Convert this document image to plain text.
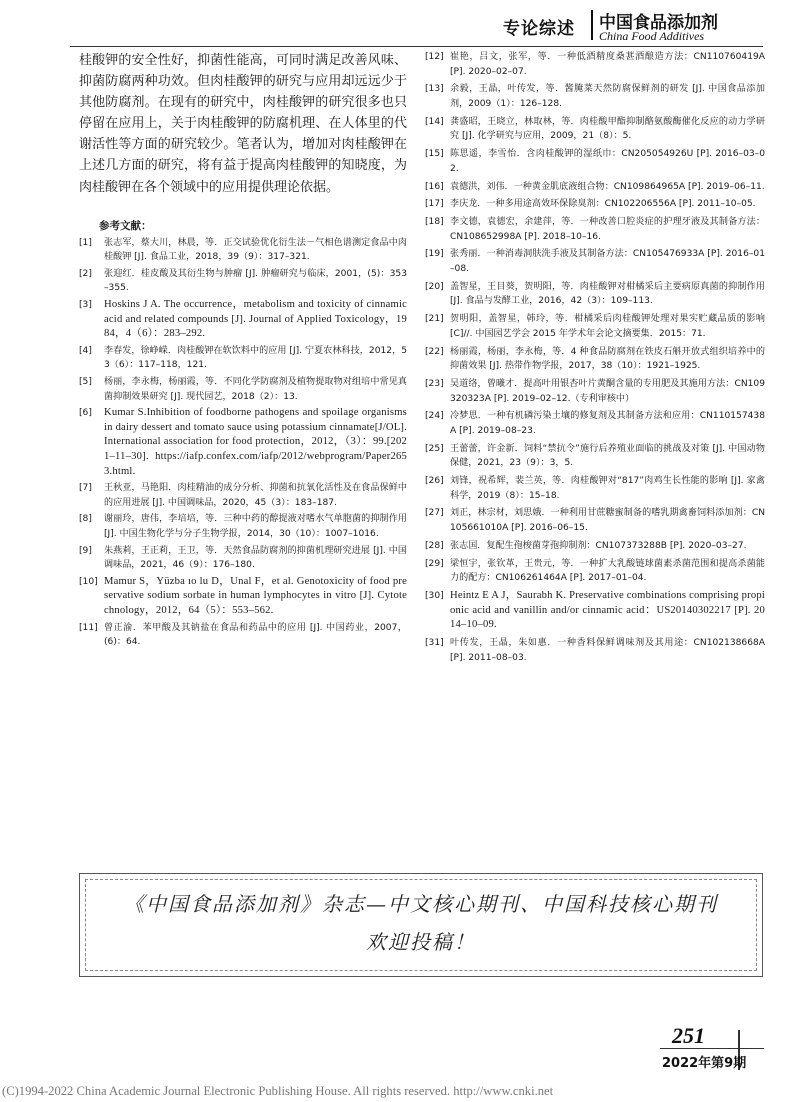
专论综述 中国食品添加剂
China Food Additives

桂酸钾的安全性好，抑菌性能高，可同时满足改善风味、抑菌防腐两种功效。但肉桂酸钾的研究与应用却远远少于其他防腐剂。在现有的研究中，肉桂酸钾的研究很多也只停留在应用上，关于肉桂酸钾的防腐机理、在人体里的代谢活性等方面的研究较少。笔者认为，增加对肉桂酸钾在上述几方面的研究，将有益于提高肉桂酸钾的知晓度，为肉桂酸钾在各个领域中的应用提供理论依据。

参考文献：
[1]	张志军，蔡大川，林晨，等．正交试验优化衍生法－气相色谱测定食品中肉桂酸钾 [J]. 食品工业，2018，39（9）：317–321.
[2]	张迎红．桂皮酸及其衍生物与肿瘤 [J]. 肿瘤研究与临床，2001，(5)：353–355.
[3]	Hoskins J A. The occurrence，metabolism and toxicity of cinnamic acid and related compounds [J]. Journal of Applied Toxicology，1984，4（6）：283–292.
[4]	李春发，徐峥嵘．肉桂酸钾在软饮料中的应用 [J]. 宁夏农林科技，2012，53（6）：117–118，121.
[5]	杨丽，李永梅，杨丽霞，等．不同化学防腐剂及植物提取物对组培中常见真菌抑制效果研究 [J]. 现代园艺，2018（2）：13.
[6]	Kumar S.Inhibition of foodborne pathogens and spoilage organisms in dairy dessert and tomato sauce using potassium cinnamate[J/OL].International association for food protection，2012，（3）：99.[2021–11–30]. https://iafp.confex.com/iafp/2012/webprogram/Paper2653.html.
[7]	王秋亚，马艳阳．肉桂精油的成分分析、抑菌和抗氧化活性及在食品保鲜中的应用进展 [J]. 中国调味品，2020，45（3）：183–187.
[8]	谢丽玲，唐伟，李培培，等．三种中药的醇提液对嗜水气单胞菌的抑制作用 [J]. 中国生物化学与分子生物学报，2014，30（10）：1007–1016.
[9]	朱燕莉，王正莉，王卫，等．天然食品防腐剂的抑菌机理研究进展 [J]. 中国调味品，2021，46（9）：176–180.
[10] Mamur S，Yüzba ıo lu D，Unal F，et al. Genotoxicity of food preservative sodium sorbate in human lymphocytes in vitro [J]. Cytotechnology，2012，64（5）：553–562.
[11] 曾正渝．苯甲酸及其钠盐在食品和药品中的应用 [J]. 中国药业，2007，(6)：64.
[12] 崔艳，吕文，张军，等．一种低酒精度桑葚酒酿造方法：CN110760419A [P]. 2020–02–07.
[13] 余毅，王晶，叶传发，等．酱腌菜天然防腐保鲜剂的研发 [J]. 中国食品添加剂，2009（1）：126–128.
[14] 龚盛昭，王晓立，林取林，等．肉桂酸甲酯抑制酪氨酸酶催化反应的动力学研究 [J]. 化学研究与应用，2009，21（8）：5.
[15] 陈思遥，李雪怡．含肉桂酸钾的湿纸巾：CN205054926U [P]. 2016–03–02.
[16] 袁德洪，刘伟．一种黄金肌底液组合物：CN109864965A [P]. 2019–06–11.
[17] 李庆龙．一种多用途高效环保除臭剂：CN102206556A [P]. 2011–10–05.
[18] 李文德，袁德宏，余建萍，等．一种改善口腔炎症的护理牙液及其制备方法：CN108652998A [P]. 2018–10–16.
[19] 张秀丽．一种消毒洞肤洗手液及其制备方法：CN105476933A [P]. 2016–01–08.
[20] 盖智星，王目葵，贺明阳，等．肉桂酸钾对柑橘采后主要病原真菌的抑制作用 [J]. 食品与发酵工业，2016，42（3）：109–113.
[21] 贺明阳，盖智星，韩玲，等．柑橘采后肉桂酸钾处理对果实贮藏品质的影响 [C]//. 中国园艺学会 2015 年学术年会论文摘要集．2015：71.
[22] 杨丽霞，杨丽，李永梅，等．4 种食品防腐剂在铁皮石斛开放式组织培养中的抑菌效果 [J]. 热带作物学报，2017，38（10）：1921–1925.
[23] 吴道络，曾曦才．提高叶用银杏叶片黄酮含量的专用肥及其施用方法：CN109320323A [P]. 2019–02–12.（专利审核中）
[24] 冷梦思．一种有机磷污染土壤的修复剂及其制备方法和应用：CN110157438A [P]. 2019–08–23.
[25] 王蕾蕾，许金新．饲料“禁抗令”施行后养殖业面临的挑战及对策 [J]. 中国动物保健，2021，23（9）：3，5.
[26] 刘锋，祝希辉，裴兰英，等．肉桂酸钾对“817”肉鸡生长性能的影响 [J]. 家禽科学，2019（8）：15–18.
[27] 刘正，林宗材，刘思娥．一种利用甘蔗糖蜜制备的嗜乳期禽畜饲料添加剂：CN105661010A [P]. 2016–06–15.
[28] 张志国．复配生孢梭菌芽孢抑制剂：CN107373288B [P]. 2020–03–27.
[29] 梁恒宇，张钦革，王贵元，等．一种扩大乳酸链球菌素杀菌范围和提高杀菌能力的配方：CN106261464A [P]. 2017–01–04.
[30] Heintz E A J，Saurabh K. Preservative combinations comprising propionic acid and vanillin and/or cinnamic acid：US20140302217 [P]. 2014–10–09.
[31] 叶传发，王晶，朱如惠．一种香料保鲜调味剂及其用途：CN102138668A [P]. 2011–08–03.
《中国食品添加剂》杂志—中文核心期刊、中国科技核心期刊
欢迎投稿！
251
2022年第9期
(C)1994-2022 China Academic Journal Electronic Publishing House. All rights reserved. http://www.cnki.net
